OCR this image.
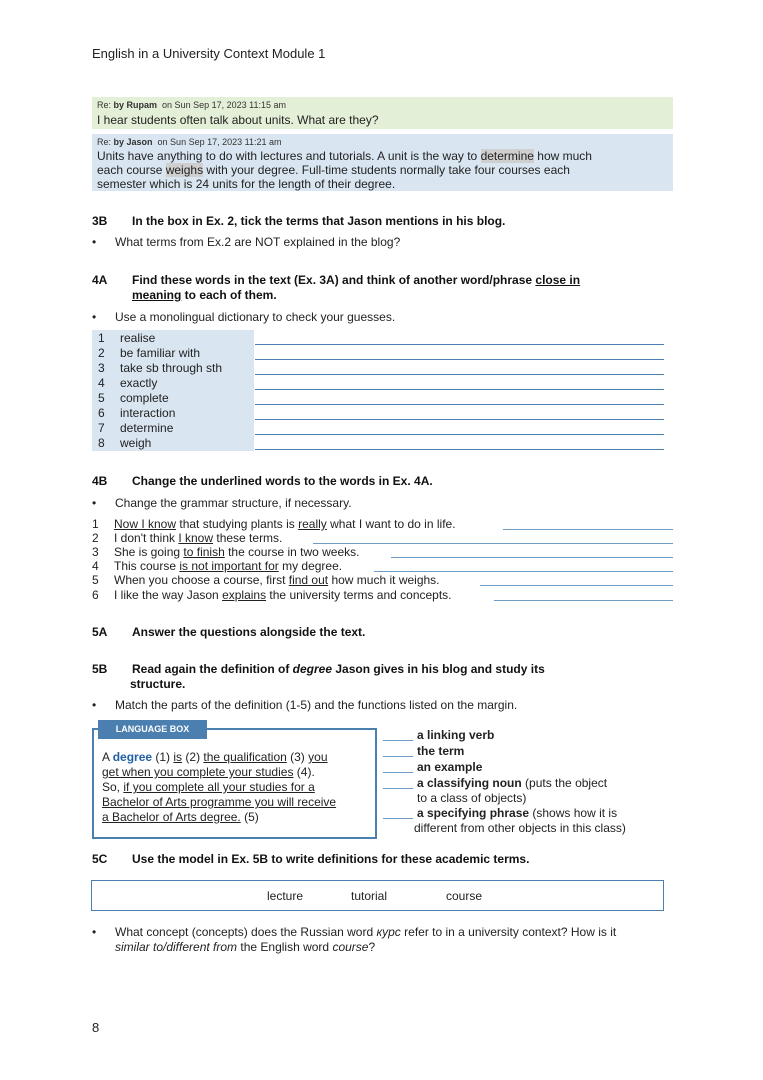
English in a University Context Module 1
Re: by Rupam on Sun Sep 17, 2023 11:15 am
I hear students often talk about units. What are they?
Re: by Jason on Sun Sep 17, 2023 11:21 am
Units have anything to do with lectures and tutorials. A unit is the way to determine how much
each course weighs with your degree. Full-time students normally take four courses each
semester which is 24 units for the length of their degree.
3B In the box in Ex. 2, tick the terms that Jason mentions in his blog.
• What terms from Ex.2 are NOT explained in the blog?
4A Find these words in the text (Ex. 3A) and think of another word/phrase close in
meaning to each of them.
• Use a monolingual dictionary to check your guesses.
1 realise
2 be familiar with
3 take sb through sth
4 exactly
5 complete
6 interaction
7 determine
8 weigh
4B Change the underlined words to the words in Ex. 4A.
• Change the grammar structure, if necessary.
1 Now I know that studying plants is really what I want to do in life.
2 I don't think I know these terms.
3 She is going to finish the course in two weeks.
4 This course is not important for my degree.
5 When you choose a course, first find out how much it weighs.
6 I like the way Jason explains the university terms and concepts.
5A Answer the questions alongside the text.
5B Read again the definition of degree Jason gives in his blog and study its
structure.
• Match the parts of the definition (1-5) and the functions listed on the margin.
LANGUAGE BOX
A degree (1) is (2) the qualification (3) you
get when you complete your studies (4).
So, if you complete all your studies for a
Bachelor of Arts programme you will receive
a Bachelor of Arts degree. (5)
a linking verb
the term
an example
a classifying noun (puts the object
to a class of objects)
a specifying phrase (shows how it is
different from other objects in this class)
5C Use the model in Ex. 5B to write definitions for these academic terms.
lecture	tutorial	course
• What concept (concepts) does the Russian word курс refer to in a university context? How is it
similar to/different from the English word course?
8
